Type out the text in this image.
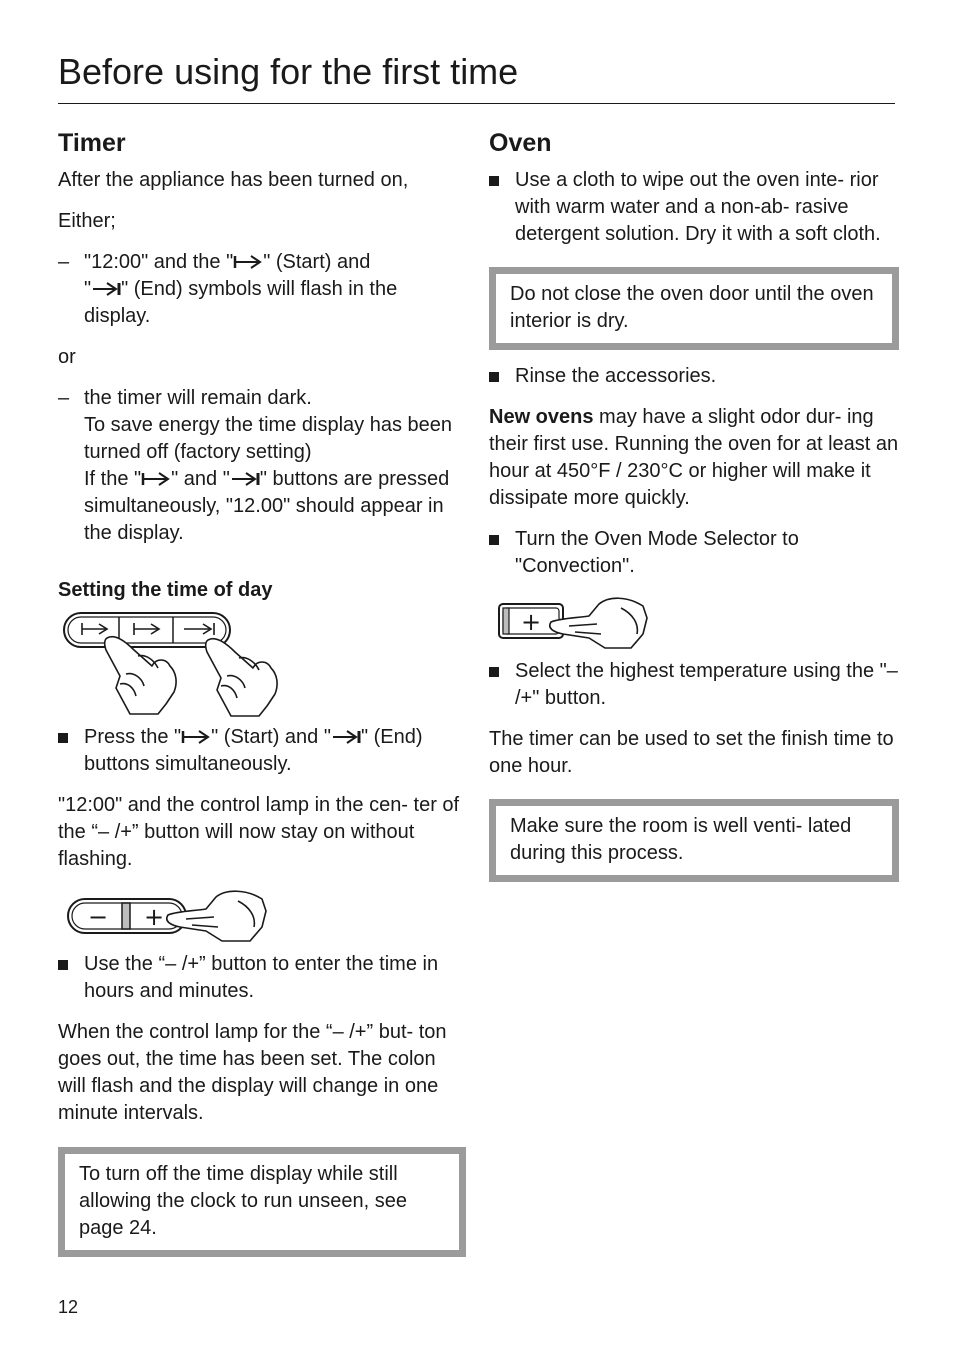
Before using for the first time
Timer

After the appliance has been turned on,

Either;

– "12:00" and the " " (Start) and
" " (End) symbols will flash in the display.

or

– the timer will remain dark.
To save energy the time display has been turned off (factory setting)
If the " " and " " buttons are pressed simultaneously, "12.00" should appear in the display.
Setting the time of day
Press the " " (Start) and " " (End) buttons simultaneously.

"12:00" and the control lamp in the cen- ter of the “– /+” button will now stay on without flashing.

− +
Use the “– /+” button to enter the time in hours and minutes.

When the control lamp for the “– /+” but- ton goes out, the time has been set. The colon will flash and the display will change in one minute intervals.

To turn off the time display while still allowing the clock to run unseen, see page 24.
Oven
Use a cloth to wipe out the oven inte- rior with warm water and a non-ab- rasive detergent solution. Dry it with a soft cloth.
Do not close the oven door until the oven interior is dry.
Rinse the accessories.

New ovens may have a slight odor dur- ing their first use. Running the oven for at least an hour at 450°F / 230°C or higher will make it dissipate more quickly.

Turn the Oven Mode Selector to "Convection".
+
Select the highest temperature using the "– /+" button.

The timer can be used to set the finish time to one hour.

Make sure the room is well venti- lated during this process.
12
